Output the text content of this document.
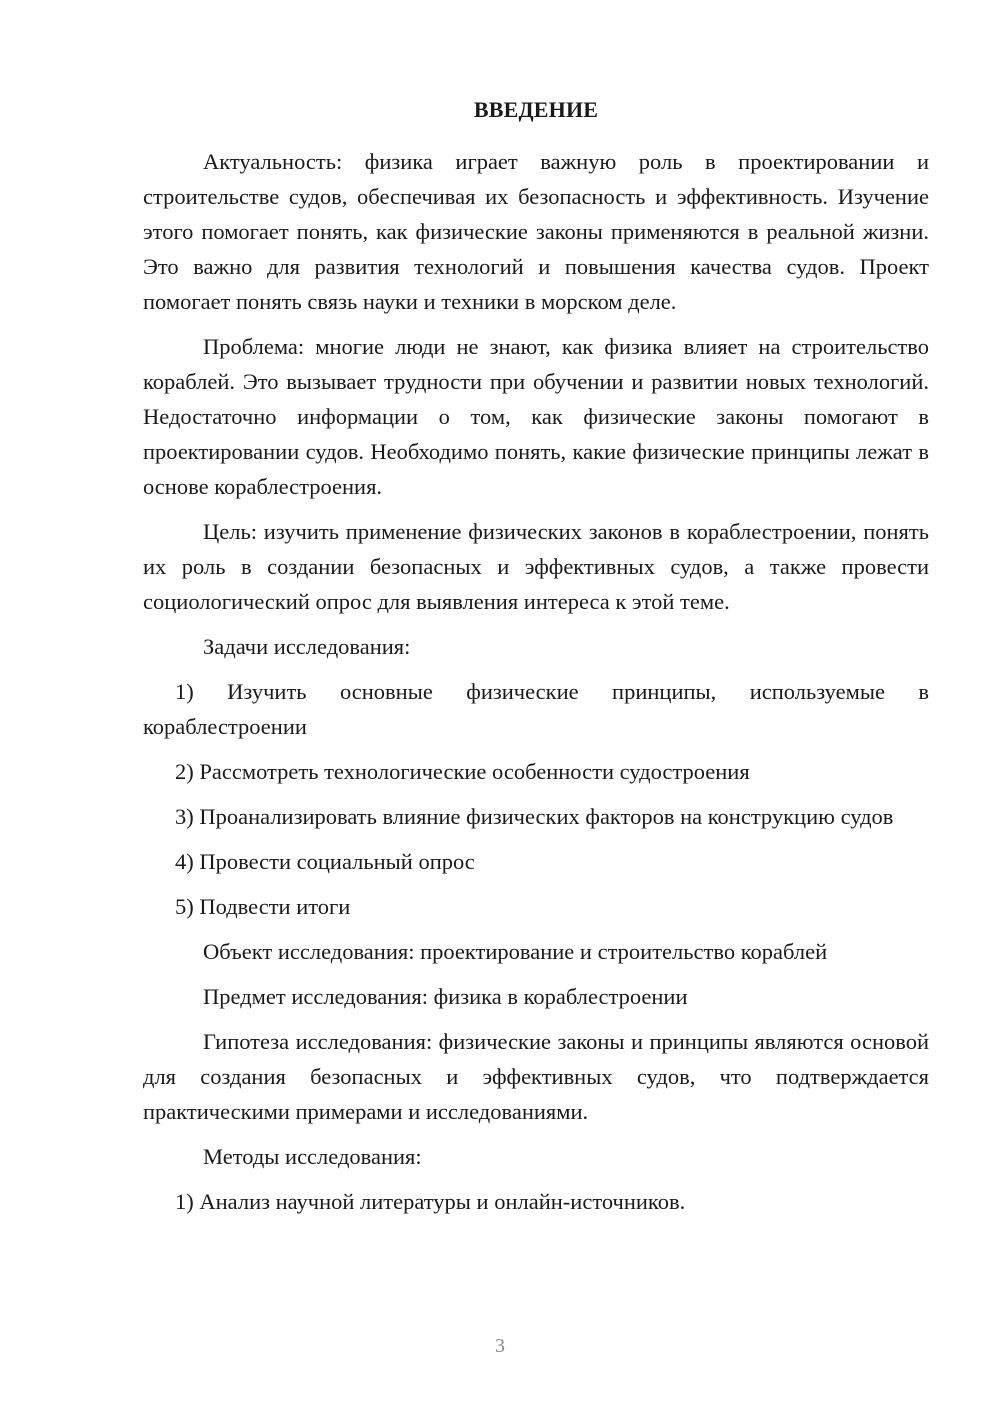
ВВЕДЕНИЕ

Актуальность: физика играет важную роль в проектировании и строительстве судов, обеспечивая их безопасность и эффективность. Изучение этого помогает понять, как физические законы применяются в реальной жизни. Это важно для развития технологий и повышения качества судов. Проект помогает понять связь науки и техники в морском деле.

Проблема: многие люди не знают, как физика влияет на строительство кораблей. Это вызывает трудности при обучении и развитии новых технологий. Недостаточно информации о том, как физические законы помогают в проектировании судов. Необходимо понять, какие физические принципы лежат в основе кораблестроения.

Цель: изучить применение физических законов в кораблестроении, понять их роль в создании безопасных и эффективных судов, а также провести социологический опрос для выявления интереса к этой теме.

Задачи исследования:

1) Изучить основные физические принципы, используемые в кораблестроении

2) Рассмотреть технологические особенности судостроения

3) Проанализировать влияние физических факторов на конструкцию судов

4) Провести социальный опрос

5) Подвести итоги

Объект исследования: проектирование и строительство кораблей

Предмет исследования: физика в кораблестроении

Гипотеза исследования: физические законы и принципы являются основой для создания безопасных и эффективных судов, что подтверждается практическими примерами и исследованиями.

Методы исследования:

1) Анализ научной литературы и онлайн-источников.

3
